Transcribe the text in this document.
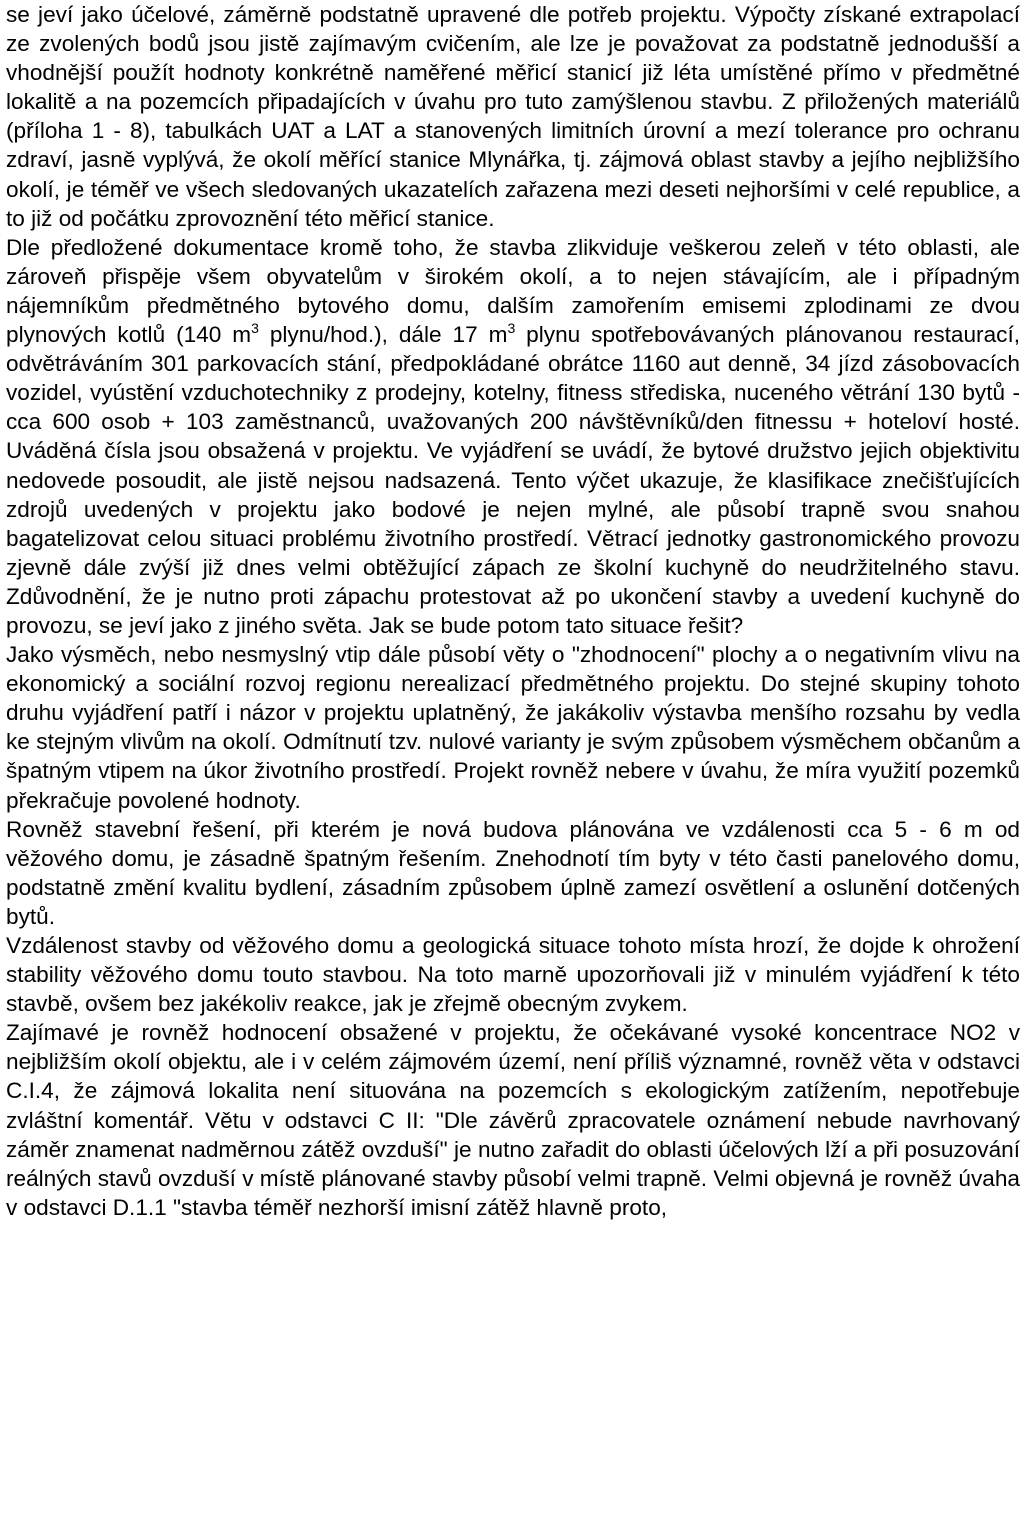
se jeví jako účelové, záměrně podstatně upravené dle potřeb projektu. Výpočty získané extrapolací ze zvolených bodů jsou jistě zajímavým cvičením, ale lze je považovat za podstatně jednodušší a vhodnější použít hodnoty konkrétně naměřené měřicí stanicí již léta umístěné přímo v předmětné lokalitě a na pozemcích připadajících v úvahu pro tuto zamýšlenou stavbu. Z přiložených materiálů (příloha 1 - 8), tabulkách UAT a LAT a stanovených limitních úrovní a mezí tolerance pro ochranu zdraví, jasně vyplývá, že okolí měřící stanice Mlynářka, tj. zájmová oblast stavby a jejího nejbližšího okolí, je téměř ve všech sledovaných ukazatelích zařazena mezi deseti nejhoršími v celé republice, a to již od počátku zprovoznění této měřicí stanice.

Dle předložené dokumentace kromě toho, že stavba zlikviduje veškerou zeleň v této oblasti, ale zároveň přispěje všem obyvatelům v širokém okolí, a to nejen stávajícím, ale i případným nájemníkům předmětného bytového domu, dalším zamořením emisemi zplodinami ze dvou plynových kotlů (140 $m^3$ plynu/hod.), dále 17 $m^3$ plynu spotřebovávaných plánovanou restaurací, odvětráváním 301 parkovacích stání, předpokládané obrátce 1160 aut denně, 34 jízd zásobovacích vozidel, vyústění vzduchotechniky z prodejny, kotelny, fitness střediska, nuceného větrání 130 bytů - cca 600 osob + 103 zaměstnanců, uvažovaných 200 návštěvníků/den fitnessu + hoteloví hosté. Uváděná čísla jsou obsažená v projektu. Ve vyjádření se uvádí, že bytové družstvo jejich objektivitu nedovede posoudit, ale jistě nejsou nadsazená. Tento výčet ukazuje, že klasifikace znečišťujících zdrojů uvedených v projektu jako bodové je nejen mylné, ale působí trapně svou snahou bagatelizovat celou situaci problému životního prostředí. Větrací jednotky gastronomického provozu zjevně dále zvýší již dnes velmi obtěžující zápach ze školní kuchyně do neudržitelného stavu. Zdůvodnění, že je nutno proti zápachu protestovat až po ukončení stavby a uvedení kuchyně do provozu, se jeví jako z jiného světa. Jak se bude potom tato situace řešit?

Jako výsměch, nebo nesmyslný vtip dále působí věty o "zhodnocení" plochy a o negativním vlivu na ekonomický a sociální rozvoj regionu nerealizací předmětného projektu. Do stejné skupiny tohoto druhu vyjádření patří i názor v projektu uplatněný, že jakákoliv výstavba menšího rozsahu by vedla ke stejným vlivům na okolí. Odmítnutí tzv. nulové varianty je svým způsobem výsměchem občanům a špatným vtipem na úkor životního prostředí. Projekt rovněž nebere v úvahu, že míra využití pozemků překračuje povolené hodnoty.

Rovněž stavební řešení, při kterém je nová budova plánována ve vzdálenosti cca 5 - 6 m od věžového domu, je zásadně špatným řešením. Znehodnotí tím byty v této časti panelového domu, podstatně změní kvalitu bydlení, zásadním způsobem úplně zamezí osvětlení a oslunění dotčených bytů.

Vzdálenost stavby od věžového domu a geologická situace tohoto místa hrozí, že dojde k ohrožení stability věžového domu touto stavbou. Na toto marně upozorňovali již v minulém vyjádření k této stavbě, ovšem bez jakékoliv reakce, jak je zřejmě obecným zvykem.

Zajímavé je rovněž hodnocení obsažené v projektu, že očekávané vysoké koncentrace NO2 v nejbližším okolí objektu, ale i v celém zájmovém území, není příliš významné, rovněž věta v odstavci C.I.4, že zájmová lokalita není situována na pozemcích s ekologickým zatížením, nepotřebuje zvláštní komentář. Větu v odstavci C II: "Dle závěrů zpracovatele oznámení nebude navrhovaný záměr znamenat nadměrnou zátěž ovzduší" je nutno zařadit do oblasti účelových lží a při posuzování reálných stavů ovzduší v místě plánované stavby působí velmi trapně. Velmi objevná je rovněž úvaha v odstavci D.1.1 "stavba téměř nezhorší imisní zátěž hlavně proto,
